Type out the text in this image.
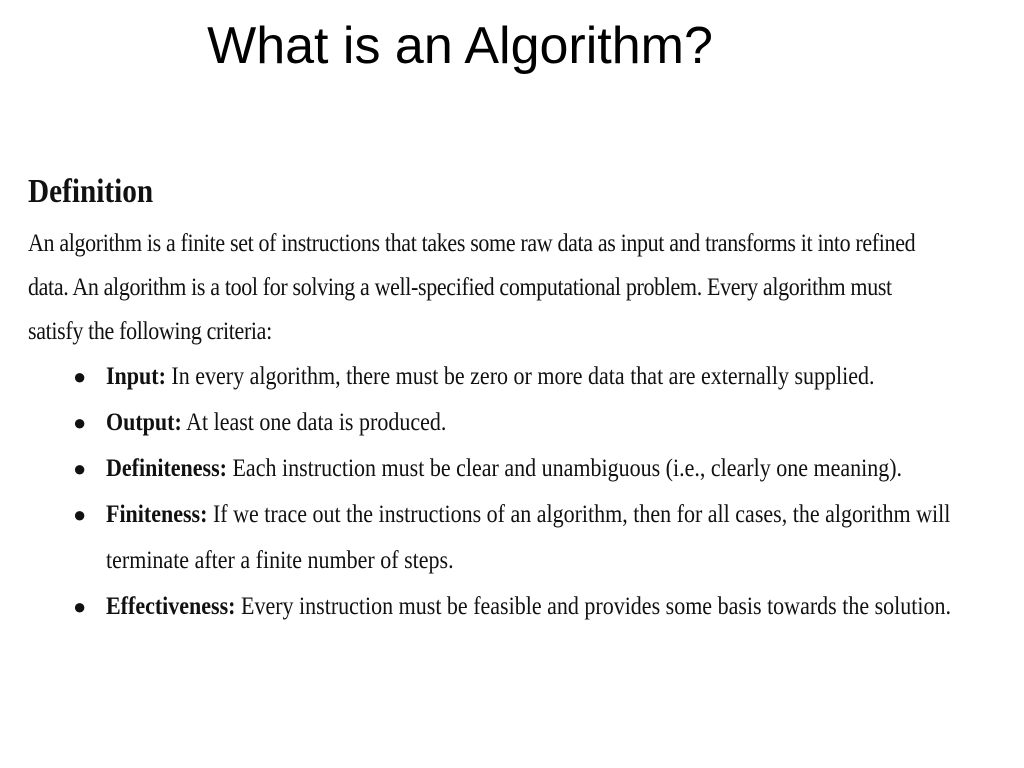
What is an Algorithm?
Definition

An algorithm is a finite set of instructions that takes some raw data as input and transforms it into refined
data. An algorithm is a tool for solving a well-specified computational problem. Every algorithm must
satisfy the following criteria:

● Input: In every algorithm, there must be zero or more data that are externally supplied.
● Output: At least one data is produced.
● Definiteness: Each instruction must be clear and unambiguous (i.e., clearly one meaning).
● Finiteness: If we trace out the instructions of an algorithm, then for all cases, the algorithm will
terminate after a finite number of steps.
● Effectiveness: Every instruction must be feasible and provides some basis towards the solution.
